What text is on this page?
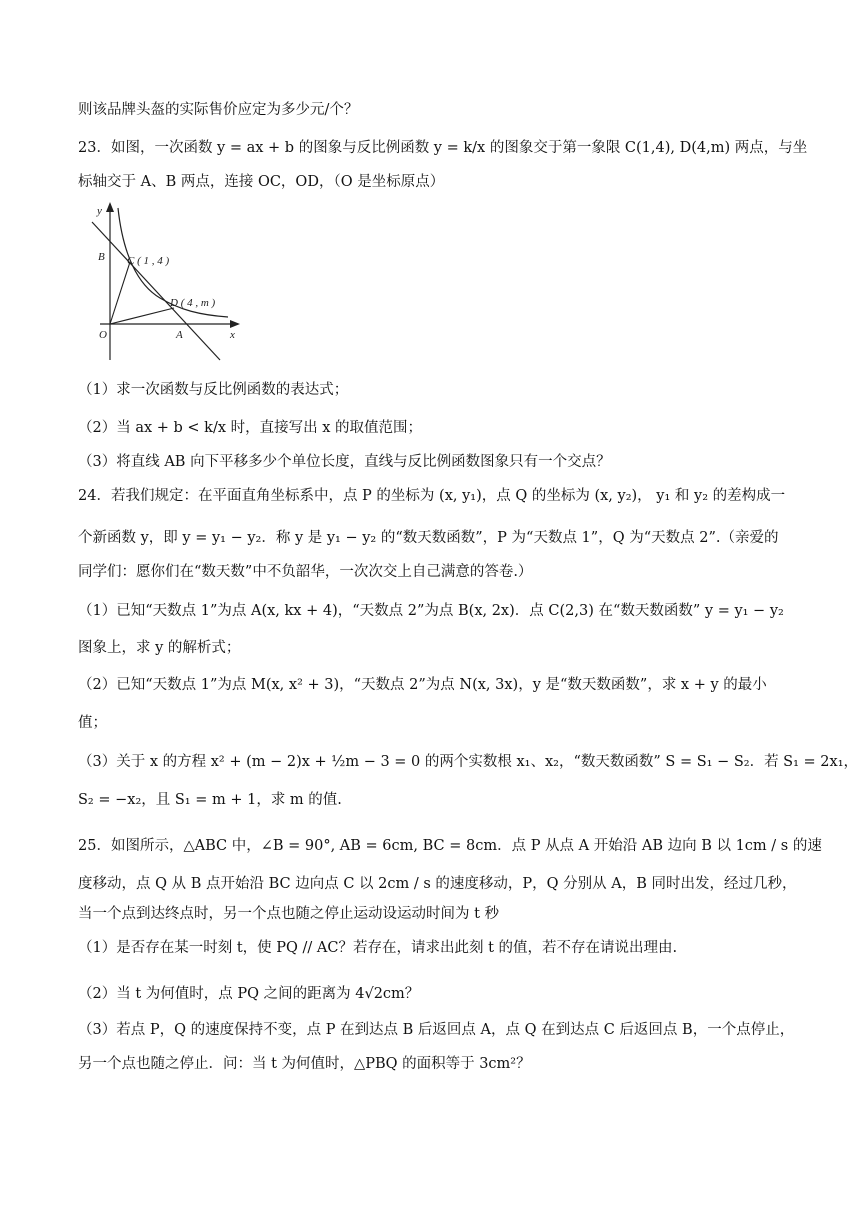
则该品牌头盔的实际售价应定为多少元/个？
23．如图，一次函数 y = ax + b 的图象与反比例函数 y = k/x 的图象交于第一象限 C(1,4), D(4,m) 两点，与坐
标轴交于 A、B 两点，连接 OC，OD，（O 是坐标原点）
y
x
O	A
B C ( 1 , 4 )
D ( 4 , m )
（1）求一次函数与反比例函数的表达式；
（2）当 ax + b < k/x 时，直接写出 x 的取值范围；
（3）将直线 AB 向下平移多少个单位长度，直线与反比例函数图象只有一个交点？
24．若我们规定：在平面直角坐标系中，点 P 的坐标为 (x, y₁)，点 Q 的坐标为 (x, y₂)， y₁ 和 y₂ 的差构成一
个新函数 y，即 y = y₁ − y₂．称 y 是 y₁ − y₂ 的“数天数函数”，P 为“天数点 1”，Q 为“天数点 2”.（亲爱的
同学们：愿你们在“数天数”中不负韶华，一次次交上自己满意的答卷.）
（1）已知“天数点 1”为点 A(x, kx + 4)，“天数点 2”为点 B(x, 2x)．点 C(2,3) 在“数天数函数” y = y₁ − y₂
图象上，求 y 的解析式；
（2）已知“天数点 1”为点 M(x, x² + 3)，“天数点 2”为点 N(x, 3x)，y 是“数天数函数”，求 x + y 的最小
值；
（3）关于 x 的方程 x² + (m − 2)x + ½m − 3 = 0 的两个实数根 x₁、x₂，“数天数函数” S = S₁ − S₂．若 S₁ = 2x₁，
S₂ = −x₂，且 S₁ = m + 1，求 m 的值.
25．如图所示，△ABC 中，∠B = 90°, AB = 6cm, BC = 8cm．点 P 从点 A 开始沿 AB 边向 B 以 1cm / s 的速
度移动，点 Q 从 B 点开始沿 BC 边向点 C 以 2cm / s 的速度移动，P，Q 分别从 A，B 同时出发，经过几秒，
当一个点到达终点时，另一个点也随之停止运动设运动时间为 t 秒
（1）是否存在某一时刻 t，使 PQ // AC？若存在，请求出此刻 t 的值，若不存在请说出理由.
（2）当 t 为何值时，点 PQ 之间的距离为 4√2cm？
（3）若点 P，Q 的速度保持不变，点 P 在到达点 B 后返回点 A，点 Q 在到达点 C 后返回点 B，一个点停止，
另一个点也随之停止．问：当 t 为何值时，△PBQ 的面积等于 3cm²？
